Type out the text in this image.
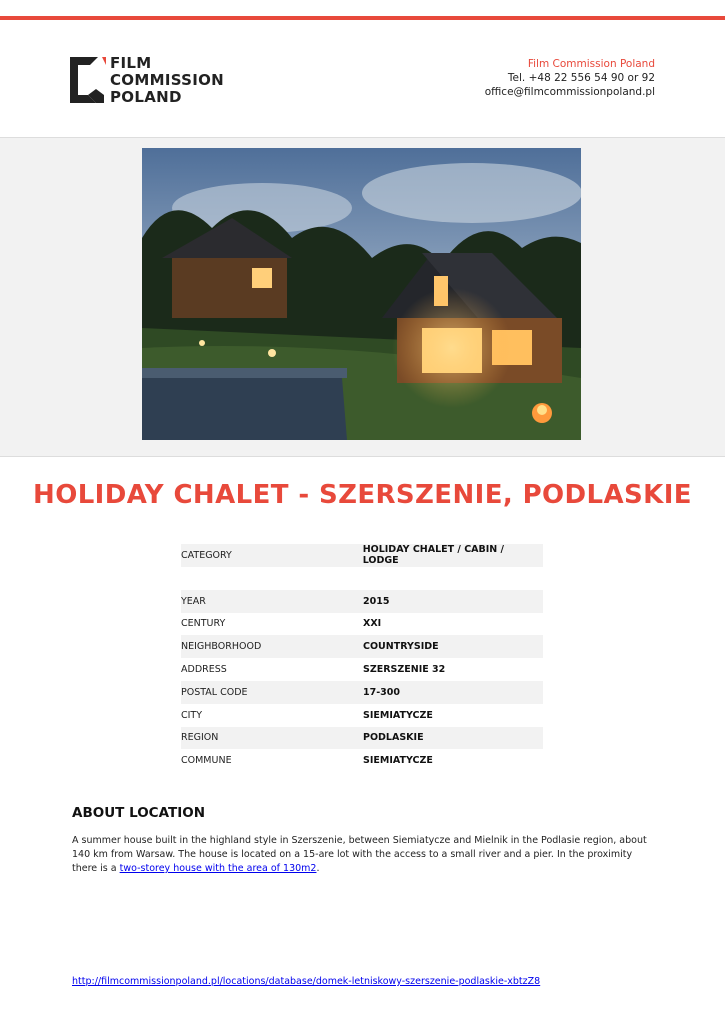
FILM
COMMISSION
POLAND
Film Commission Poland
Tel. +48 22 556 54 90 or 92
office@filmcommissionpoland.pl
HOLIDAY CHALET - SZERSZENIE, PODLASKIE
CATEGORY	HOLIDAY CHALET / CABIN / LODGE
YEAR	2015
CENTURY	XXI
NEIGHBORHOOD	COUNTRYSIDE
ADDRESS	SZERSZENIE 32
POSTAL CODE	17-300
CITY	SIEMIATYCZE
REGION	PODLASKIE
COMMUNE	SIEMIATYCZE
ABOUT LOCATION
A summer house built in the highland style in Szerszenie, between Siemiatycze and Mielnik in the Podlasie region, about 140 km from Warsaw. The house is located on a 15-are lot with the access to a small river and a pier. In the proximity there is a two-storey house with the area of 130m2.
http://filmcommissionpoland.pl/locations/database/domek-letniskowy-szerszenie-podlaskie-xbtzZ8
